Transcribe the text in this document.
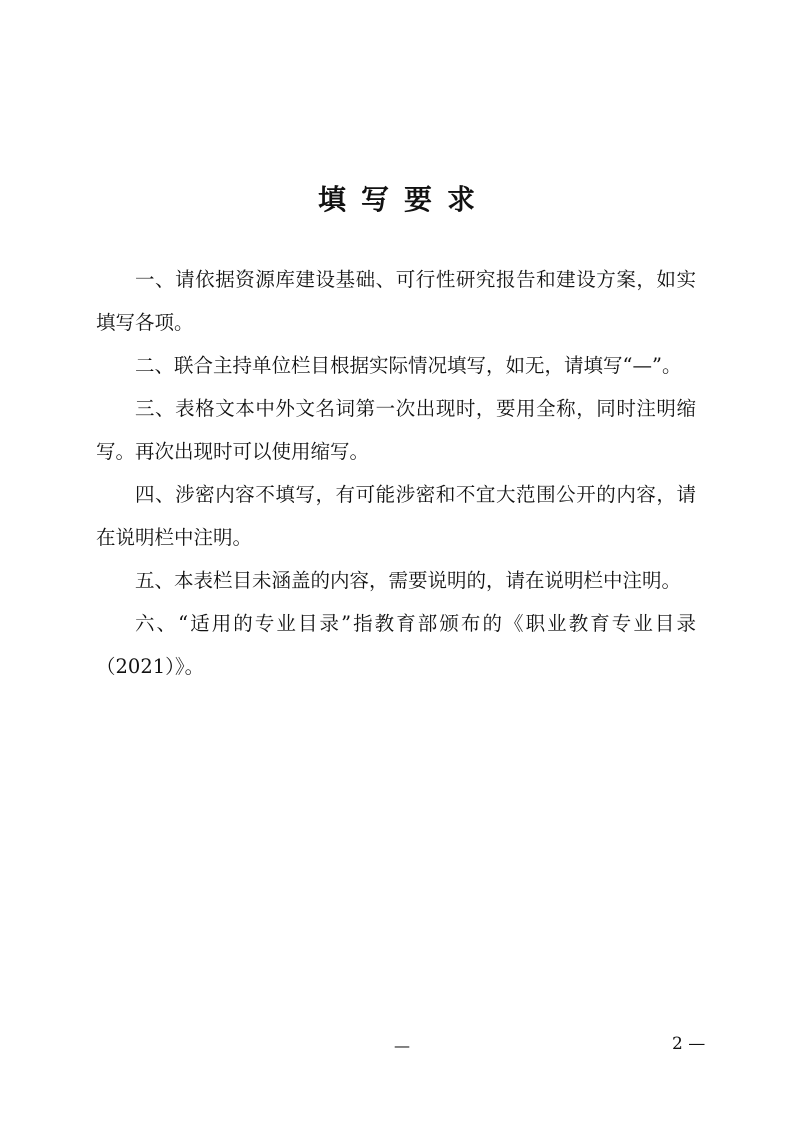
填写要求

一、请依据资源库建设基础、可行性研究报告和建设方案，如实填写各项。

二、联合主持单位栏目根据实际情况填写，如无，请填写“—”。

三、表格文本中外文名词第一次出现时，要用全称，同时注明缩写。再次出现时可以使用缩写。

四、涉密内容不填写，有可能涉密和不宜大范围公开的内容，请在说明栏中注明。

五、本表栏目未涵盖的内容，需要说明的，请在说明栏中注明。

六、“适用的专业目录”指教育部颁布的《职业教育专业目录（2021）》。

—	2 —
